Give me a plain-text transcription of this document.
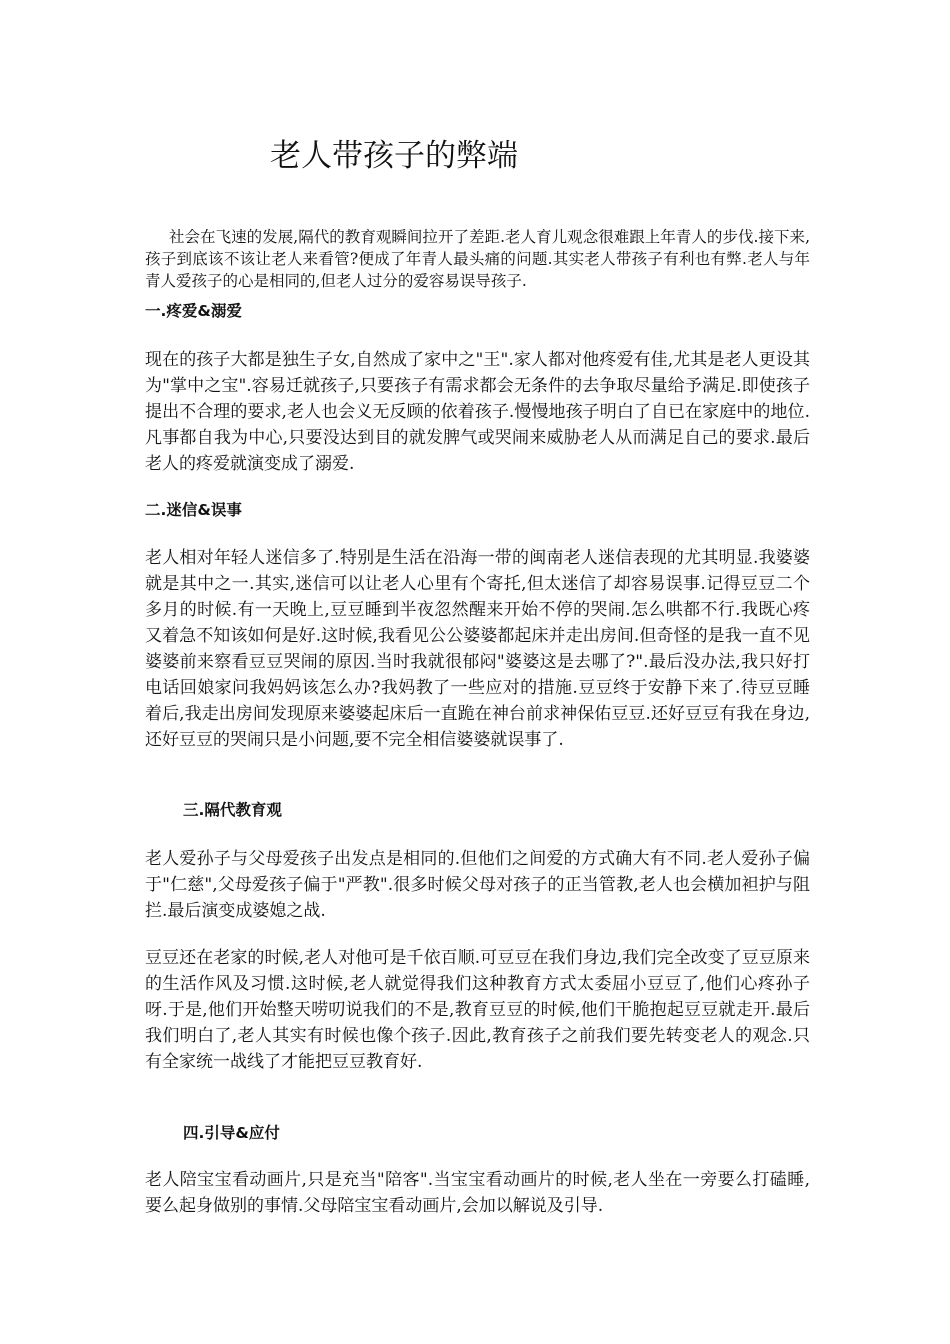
老人带孩子的弊端

社会在飞速的发展,隔代的教育观瞬间拉开了差距.老人育儿观念很难跟上年青人的步伐.接下来,孩子到底该不该让老人来看管?便成了年青人最头痛的问题.其实老人带孩子有利也有弊.老人与年青人爱孩子的心是相同的,但老人过分的爱容易误导孩子.

一.疼爱&溺爱

现在的孩子大都是独生子女,自然成了家中之"王".家人都对他疼爱有佳,尤其是老人更设其为"掌中之宝".容易迁就孩子,只要孩子有需求都会无条件的去争取尽量给予满足.即使孩子提出不合理的要求,老人也会义无反顾的依着孩子.慢慢地孩子明白了自已在家庭中的地位.凡事都自我为中心,只要没达到目的就发脾气或哭闹来威胁老人从而满足自己的要求.最后老人的疼爱就演变成了溺爱.

二.迷信&误事

老人相对年轻人迷信多了.特别是生活在沿海一带的闽南老人迷信表现的尤其明显.我婆婆就是其中之一.其实,迷信可以让老人心里有个寄托,但太迷信了却容易误事.记得豆豆二个多月的时候.有一天晚上,豆豆睡到半夜忽然醒来开始不停的哭闹.怎么哄都不行.我既心疼又着急不知该如何是好.这时候,我看见公公婆婆都起床并走出房间.但奇怪的是我一直不见婆婆前来察看豆豆哭闹的原因.当时我就很郁闷"婆婆这是去哪了?".最后没办法,我只好打电话回娘家问我妈妈该怎么办?我妈教了一些应对的措施.豆豆终于安静下来了.待豆豆睡着后,我走出房间发现原来婆婆起床后一直跪在神台前求神保佑豆豆.还好豆豆有我在身边,还好豆豆的哭闹只是小问题,要不完全相信婆婆就误事了.

三.隔代教育观

老人爱孙子与父母爱孩子出发点是相同的.但他们之间爱的方式确大有不同.老人爱孙子偏于"仁慈",父母爱孩子偏于"严教".很多时候父母对孩子的正当管教,老人也会横加袒护与阻拦.最后演变成婆媳之战.

豆豆还在老家的时候,老人对他可是千依百顺.可豆豆在我们身边,我们完全改变了豆豆原来的生活作风及习惯.这时候,老人就觉得我们这种教育方式太委屈小豆豆了,他们心疼孙子呀.于是,他们开始整天唠叨说我们的不是,教育豆豆的时候,他们干脆抱起豆豆就走开.最后我们明白了,老人其实有时候也像个孩子.因此,教育孩子之前我们要先转变老人的观念.只有全家统一战线了才能把豆豆教育好.

四.引导&应付

老人陪宝宝看动画片,只是充当"陪客".当宝宝看动画片的时候,老人坐在一旁要么打磕睡,要么起身做别的事情.父母陪宝宝看动画片,会加以解说及引导.
